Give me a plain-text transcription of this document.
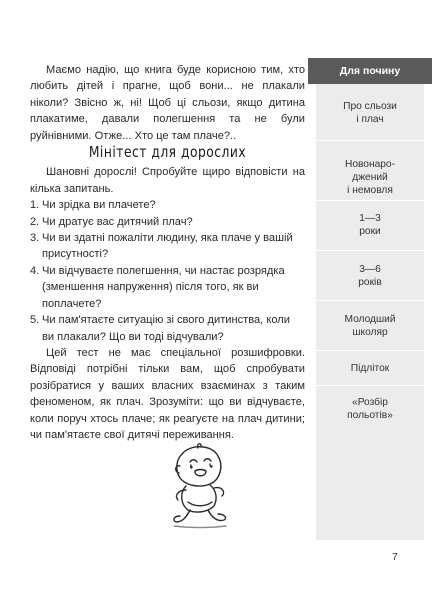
Маємо надію, що книга буде корисною тим, хто любить дітей і прагне, щоб вони... не плакали ніколи? Звісно ж, ні! Щоб ці сльози, якщо дитина плакатиме, давали полегшення та не були руйнівними. Отже... Хто це там плаче?..

Мінітест для дорослих

Шановні дорослі! Спробуйте щиро відповісти на кілька запитань.

1. Чи зрідка ви плачете?
2. Чи дратує вас дитячий плач?
3. Чи ви здатні пожаліти людину, яка плаче у вашій присутності?
4. Чи відчуваєте полегшення, чи настає розрядка (зменшення напруження) після того, як ви поплачете?
5. Чи пам'ятаєте ситуацію зі свого дитинства, коли ви плакали? Що ви тоді відчували?

Цей тест не має спеціальної розшифровки. Відповіді потрібні тільки вам, щоб спробувати розібратися у ваших власних взаєминах з таким феноменом, як плач. Зрозуміти: що ви відчуваєте, коли поруч хтось плаче; як реагуєте на плач дитини; чи пам'ятаєте свої дитячі переживання.

Для почину
Про сльози
і плач
Новонаро-
джений
і немовля
1—3
роки
3—6
років
Молодший
школяр
Підліток
«Розбір
польотів»
7
